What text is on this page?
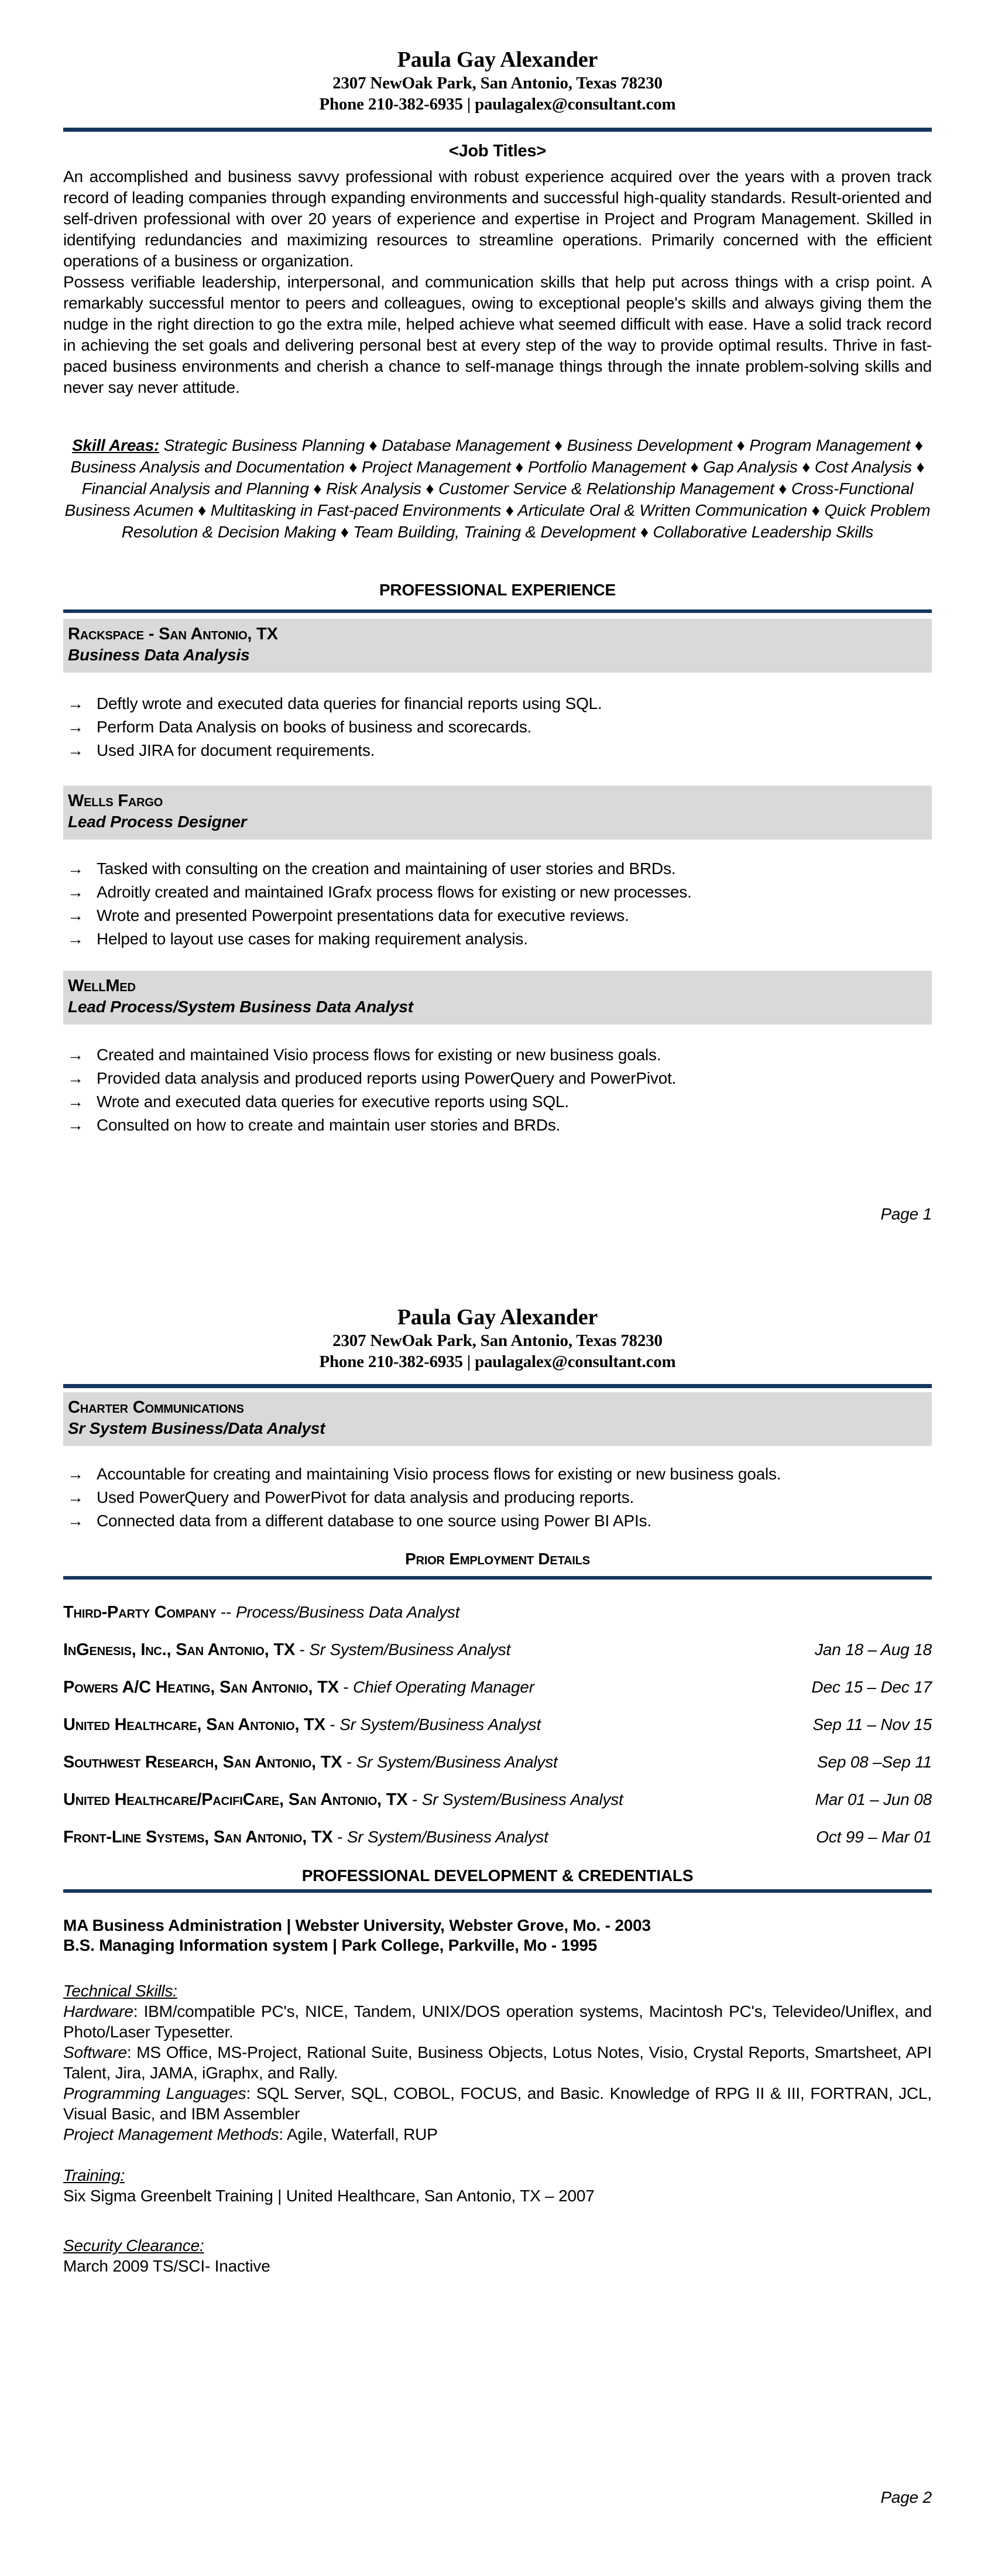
Paula Gay Alexander
2307 NewOak Park, San Antonio, Texas 78230
Phone 210-382-6935 | paulagalex@consultant.com
<Job Titles>

An accomplished and business savvy professional with robust experience acquired over the years with a proven track record of leading companies through expanding environments and successful high-quality standards. Result-oriented and self-driven professional with over 20 years of experience and expertise in Project and Program Management. Skilled in identifying redundancies and maximizing resources to streamline operations. Primarily concerned with the efficient operations of a business or organization.

Possess verifiable leadership, interpersonal, and communication skills that help put across things with a crisp point. A remarkably successful mentor to peers and colleagues, owing to exceptional people's skills and always giving them the nudge in the right direction to go the extra mile, helped achieve what seemed difficult with ease. Have a solid track record in achieving the set goals and delivering personal best at every step of the way to provide optimal results. Thrive in fast-paced business environments and cherish a chance to self-manage things through the innate problem-solving skills and never say never attitude.

Skill Areas: Strategic Business Planning ♦ Database Management ♦ Business Development ♦ Program Management ♦ Business Analysis and Documentation ♦ Project Management ♦ Portfolio Management ♦ Gap Analysis ♦ Cost Analysis ♦ Financial Analysis and Planning ♦ Risk Analysis ♦ Customer Service & Relationship Management ♦ Cross-Functional Business Acumen ♦ Multitasking in Fast-paced Environments ♦ Articulate Oral & Written Communication ♦ Quick Problem Resolution & Decision Making ♦ Team Building, Training & Development ♦ Collaborative Leadership Skills
PROFESSIONAL EXPERIENCE
Rackspace - San Antonio, TX
Business Data Analysis
→ Deftly wrote and executed data queries for financial reports using SQL.
→ Perform Data Analysis on books of business and scorecards.
→ Used JIRA for document requirements.
Wells Fargo
Lead Process Designer
→ Tasked with consulting on the creation and maintaining of user stories and BRDs.
→ Adroitly created and maintained IGrafx process flows for existing or new processes.
→ Wrote and presented Powerpoint presentations data for executive reviews.
→ Helped to layout use cases for making requirement analysis.
WellMed
Lead Process/System Business Data Analyst
→ Created and maintained Visio process flows for existing or new business goals.
→ Provided data analysis and produced reports using PowerQuery and PowerPivot.
→ Wrote and executed data queries for executive reports using SQL.
→ Consulted on how to create and maintain user stories and BRDs.
Page 1
Paula Gay Alexander
2307 NewOak Park, San Antonio, Texas 78230
Phone 210-382-6935 | paulagalex@consultant.com
Charter Communications
Sr System Business/Data Analyst
→ Accountable for creating and maintaining Visio process flows for existing or new business goals.
→ Used PowerQuery and PowerPivot for data analysis and producing reports.
→ Connected data from a different database to one source using Power BI APIs.
Prior Employment Details
Third-Party Company -- Process/Business Data Analyst
InGenesis, Inc., San Antonio, TX - Sr System/Business Analyst	Jan 18 – Aug 18
Powers A/C Heating, San Antonio, TX - Chief Operating Manager	Dec 15 – Dec 17
United Healthcare, San Antonio, TX - Sr System/Business Analyst	Sep 11 – Nov 15
Southwest Research, San Antonio, TX - Sr System/Business Analyst	Sep 08 –Sep 11
United Healthcare/PacifiCare, San Antonio, TX - Sr System/Business Analyst	Mar 01 – Jun 08
Front-Line Systems, San Antonio, TX - Sr System/Business Analyst	Oct 99 – Mar 01
PROFESSIONAL DEVELOPMENT & CREDENTIALS
MA Business Administration | Webster University, Webster Grove, Mo. - 2003
B.S. Managing Information system | Park College, Parkville, Mo - 1995

Technical Skills:

Hardware: IBM/compatible PC's, NICE, Tandem, UNIX/DOS operation systems, Macintosh PC's, Televideo/Uniflex, and Photo/Laser Typesetter.

Software: MS Office, MS-Project, Rational Suite, Business Objects, Lotus Notes, Visio, Crystal Reports, Smartsheet, API Talent, Jira, JAMA, iGraphx, and Rally.

Programming Languages: SQL Server, SQL, COBOL, FOCUS, and Basic. Knowledge of RPG II & III, FORTRAN, JCL, Visual Basic, and IBM Assembler

Project Management Methods: Agile, Waterfall, RUP

Training:

Six Sigma Greenbelt Training | United Healthcare, San Antonio, TX – 2007

Security Clearance:

March 2009 TS/SCI- Inactive

Page 2
